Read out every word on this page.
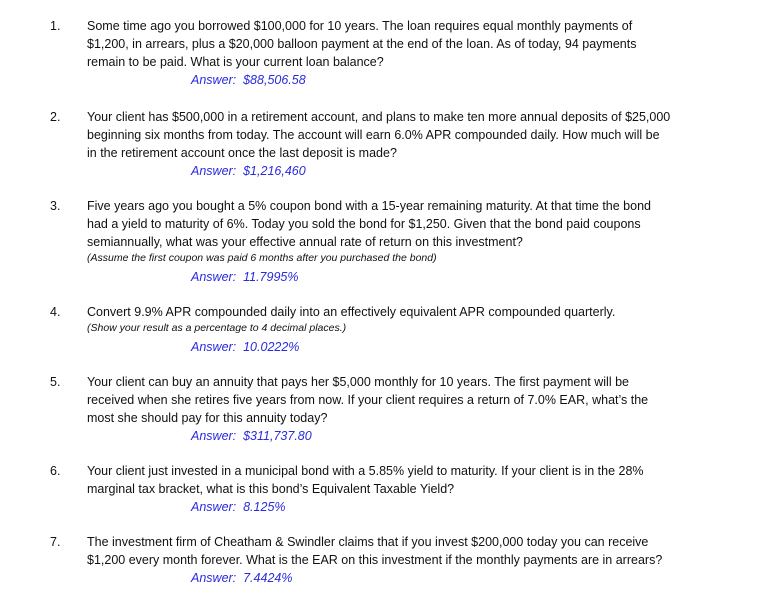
1. Some time ago you borrowed $100,000 for 10 years. The loan requires equal monthly payments of
$1,200, in arrears, plus a $20,000 balloon payment at the end of the loan. As of today, 94 payments
remain to be paid. What is your current loan balance?
Answer: $88,506.58
2. Your client has $500,000 in a retirement account, and plans to make ten more annual deposits of $25,000
beginning six months from today. The account will earn 6.0% APR compounded daily. How much will be
in the retirement account once the last deposit is made?
Answer: $1,216,460
3. Five years ago you bought a 5% coupon bond with a 15-year remaining maturity. At that time the bond
had a yield to maturity of 6%. Today you sold the bond for $1,250. Given that the bond paid coupons
semiannually, what was your effective annual rate of return on this investment?
(Assume the first coupon was paid 6 months after you purchased the bond)
Answer: 11.7995%
4. Convert 9.9% APR compounded daily into an effectively equivalent APR compounded quarterly.
(Show your result as a percentage to 4 decimal places.)
Answer: 10.0222%
5. Your client can buy an annuity that pays her $5,000 monthly for 10 years. The first payment will be
received when she retires five years from now. If your client requires a return of 7.0% EAR, what’s the
most she should pay for this annuity today?
Answer: $311,737.80
6. Your client just invested in a municipal bond with a 5.85% yield to maturity. If your client is in the 28%
marginal tax bracket, what is this bond’s Equivalent Taxable Yield?
Answer: 8.125%
7. The investment firm of Cheatham & Swindler claims that if you invest $200,000 today you can receive
$1,200 every month forever. What is the EAR on this investment if the monthly payments are in arrears?
Answer: 7.4424%
